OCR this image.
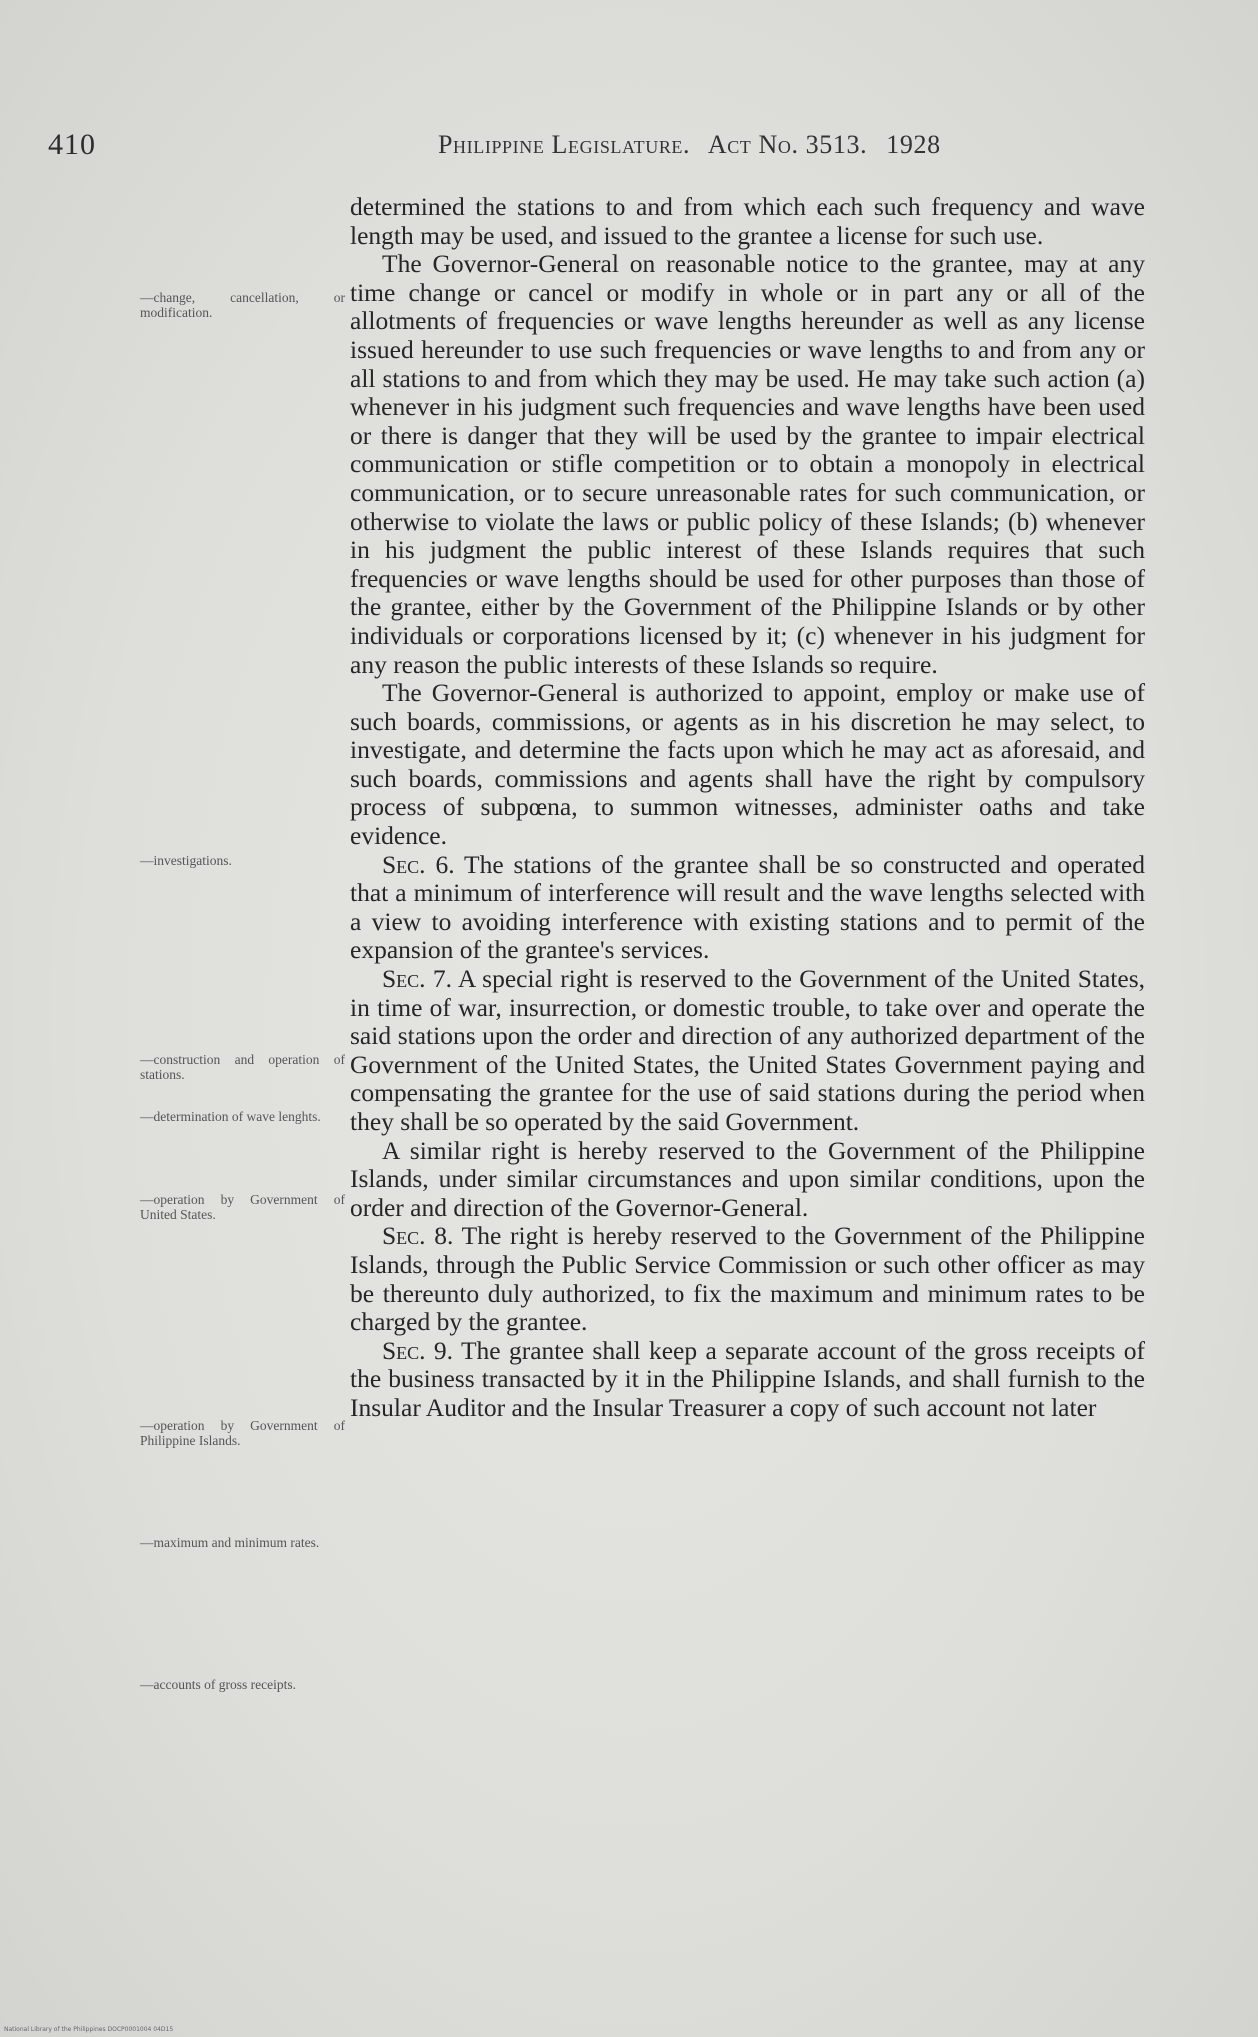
410	Philippine Legislature. Act No. 3513. 1928
—change, cancellation, or modification.
—investigations.
—construction and operation of stations.
—determination of wave lenghts.
—operation by Government of United States.
—operation by Government of Philippine Islands.
—maximum and minimum rates.
—accounts of gross receipts.

determined the stations to and from which each such frequency and wave length may be used, and issued to the grantee a license for such use.

The Governor-General on reasonable notice to the grantee, may at any time change or cancel or modify in whole or in part any or all of the allotments of frequencies or wave lengths hereunder as well as any license issued hereunder to use such frequencies or wave lengths to and from any or all stations to and from which they may be used. He may take such action (a) whenever in his judgment such frequencies and wave lengths have been used or there is danger that they will be used by the grantee to impair electrical communication or stifle competition or to obtain a monopoly in electrical communication, or to secure unreasonable rates for such communication, or otherwise to violate the laws or public policy of these Islands; (b) whenever in his judgment the public interest of these Islands requires that such frequencies or wave lengths should be used for other purposes than those of the grantee, either by the Government of the Philippine Islands or by other individuals or corporations licensed by it; (c) whenever in his judgment for any reason the public interests of these Islands so require.

The Governor-General is authorized to appoint, employ or make use of such boards, commissions, or agents as in his discretion he may select, to investigate, and determine the facts upon which he may act as aforesaid, and such boards, commissions and agents shall have the right by compulsory process of subpœna, to summon witnesses, administer oaths and take evidence.

Sec. 6. The stations of the grantee shall be so constructed and operated that a minimum of interference will result and the wave lengths selected with a view to avoiding interference with existing stations and to permit of the expansion of the grantee's services.

Sec. 7. A special right is reserved to the Government of the United States, in time of war, insurrection, or domestic trouble, to take over and operate the said stations upon the order and direction of any authorized department of the Government of the United States, the United States Government paying and compensating the grantee for the use of said stations during the period when they shall be so operated by the said Government.

A similar right is hereby reserved to the Government of the Philippine Islands, under similar circumstances and upon similar conditions, upon the order and direction of the Governor-General.

Sec. 8. The right is hereby reserved to the Government of the Philippine Islands, through the Public Service Commission or such other officer as may be thereunto duly authorized, to fix the maximum and minimum rates to be charged by the grantee.

Sec. 9. The grantee shall keep a separate account of the gross receipts of the business transacted by it in the Philippine Islands, and shall furnish to the Insular Auditor and the Insular Treasurer a copy of such account not later

National Library of the Philippines DOCP0001004 04D15
